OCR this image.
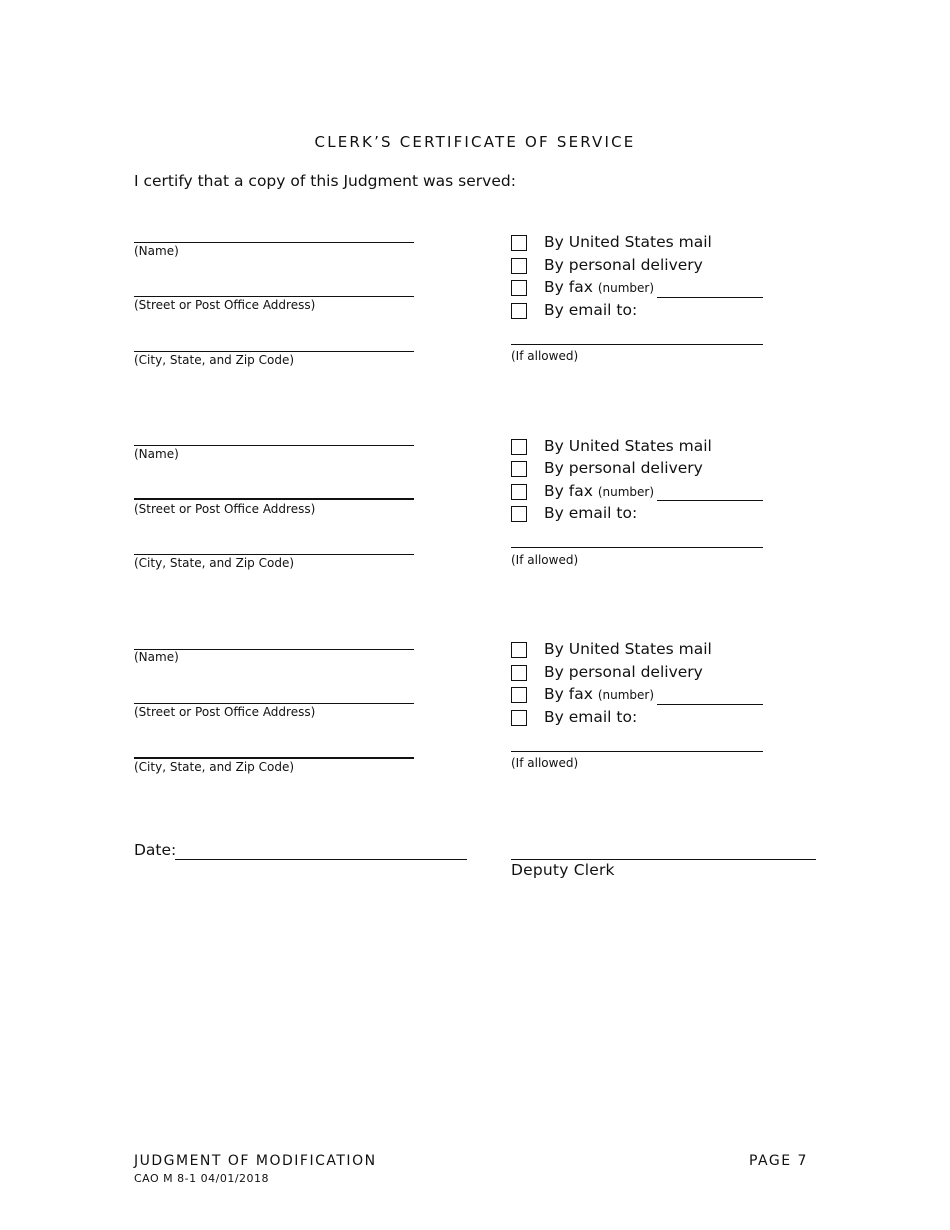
CLERK’S CERTIFICATE OF SERVICE
I certify that a copy of this Judgment was served:
(Name)
(Street or Post Office Address)
(City, State, and Zip Code)
By United States mail
By personal delivery
By fax (number)
By email to:
(If allowed)
(Name)
(Street or Post Office Address)
(City, State, and Zip Code)
By United States mail
By personal delivery
By fax (number)
By email to:
(If allowed)
(Name)
(Street or Post Office Address)
(City, State, and Zip Code)
By United States mail
By personal delivery
By fax (number)
By email to:
(If allowed)
Date:
Deputy Clerk
JUDGMENT OF MODIFICATION
CAO M 8-1 04/01/2018
PAGE 7
